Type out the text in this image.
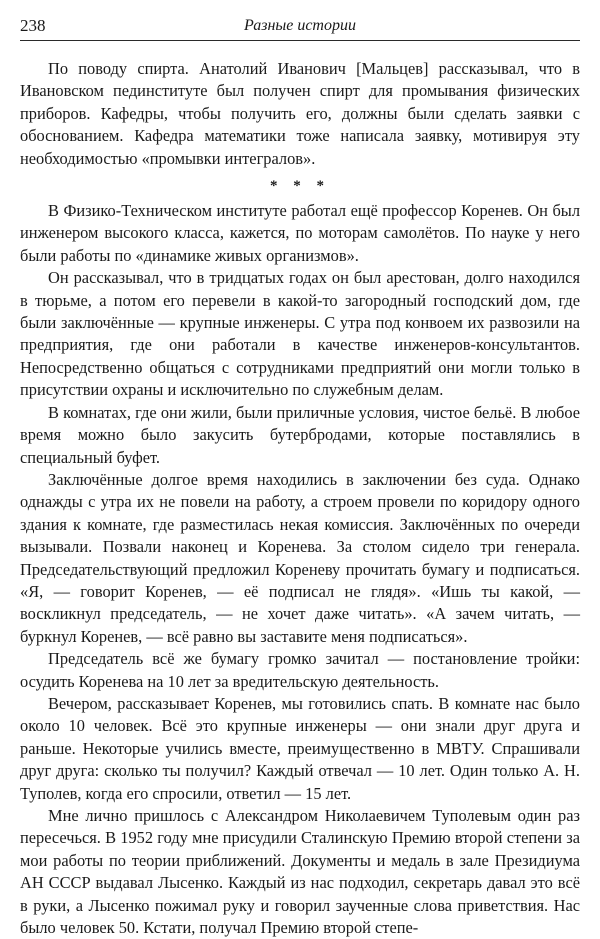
238	Разные истории

По поводу спирта. Анатолий Иванович [Мальцев] рассказывал, что в Ивановском пединституте был получен спирт для промывания физических приборов. Кафедры, чтобы получить его, должны были сделать заявки с обоснованием. Кафедра математики тоже написала заявку, мотивируя эту необходимостью «промывки интегралов».

* * *

В Физико-Техническом институте работал ещё профессор Коренев. Он был инженером высокого класса, кажется, по моторам самолётов. По науке у него были работы по «динамике живых организмов».

Он рассказывал, что в тридцатых годах он был арестован, долго находился в тюрьме, а потом его перевели в какой-то загородный господский дом, где были заключённые — крупные инженеры. С утра под конвоем их развозили на предприятия, где они работали в качестве инженеров-консультантов. Непосредственно общаться с сотрудниками предприятий они могли только в присутствии охраны и исключительно по служебным делам.

В комнатах, где они жили, были приличные условия, чистое бельё. В любое время можно было закусить бутербродами, которые поставлялись в специальный буфет.

Заключённые долгое время находились в заключении без суда. Однако однажды с утра их не повели на работу, а строем провели по коридору одного здания к комнате, где разместилась некая комиссия. Заключённых по очереди вызывали. Позвали наконец и Коренева. За столом сидело три генерала. Председательствующий предложил Кореневу прочитать бумагу и подписаться. «Я, — говорит Коренев, — её подписал не глядя». «Ишь ты какой, — воскликнул председатель, — не хочет даже читать». «А зачем читать, — буркнул Коренев, — всё равно вы заставите меня подписаться».

Председатель всё же бумагу громко зачитал — постановление тройки: осудить Коренева на 10 лет за вредительскую деятельность.

Вечером, рассказывает Коренев, мы готовились спать. В комнате нас было около 10 человек. Всё это крупные инженеры — они знали друг друга и раньше. Некоторые учились вместе, преимущественно в МВТУ. Спрашивали друг друга: сколько ты получил? Каждый отвечал — 10 лет. Один только А. Н. Туполев, когда его спросили, ответил — 15 лет.

Мне лично пришлось с Александром Николаевичем Туполевым один раз пересечься. В 1952 году мне присудили Сталинскую Премию второй степени за мои работы по теории приближений. Документы и медаль в зале Президиума АН СССР выдавал Лысенко. Каждый из нас подходил, секретарь давал это всё в руки, а Лысенко пожимал руку и говорил заученные слова приветствия. Нас было человек 50. Кстати, получал Премию второй степе-
